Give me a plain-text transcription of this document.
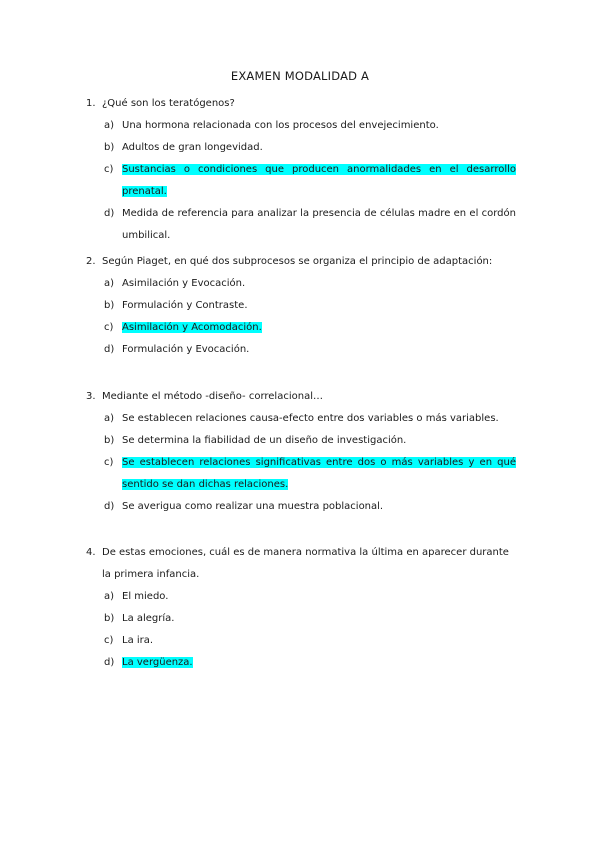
EXAMEN MODALIDAD A
1. ¿Qué son los teratógenos?
a) Una hormona relacionada con los procesos del envejecimiento.
b) Adultos de gran longevidad.
c) Sustancias o condiciones que producen anormalidades en el desarrollo prenatal.
d) Medida de referencia para analizar la presencia de células madre en el cordón umbilical.
2. Según Piaget, en qué dos subprocesos se organiza el principio de adaptación:
a) Asimilación y Evocación.
b) Formulación y Contraste.
c) Asimilación y Acomodación.
d) Formulación y Evocación.
3. Mediante el método -diseño- correlacional…
a) Se establecen relaciones causa-efecto entre dos variables o más variables.
b) Se determina la fiabilidad de un diseño de investigación.
c) Se establecen relaciones significativas entre dos o más variables y en qué sentido se dan dichas relaciones.
d) Se averigua como realizar una muestra poblacional.
4. De estas emociones, cuál es de manera normativa la última en aparecer durante la primera infancia.
a) El miedo.
b) La alegría.
c) La ira.
d) La vergüenza.
